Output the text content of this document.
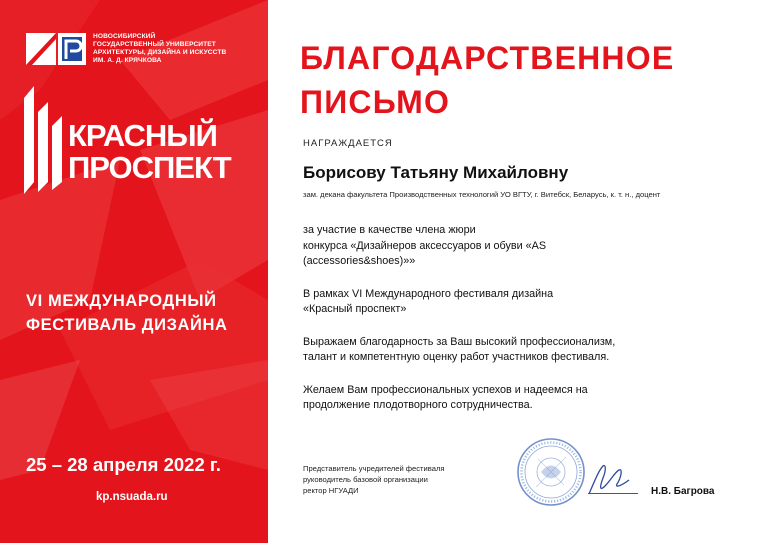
НОВОСИБИРСКИЙ
ГОСУДАРСТВЕННЫЙ УНИВЕРСИТЕТ
АРХИТЕКТУРЫ, ДИЗАЙНА И ИСКУССТВ
ИМ. А. Д. КРЯЧКОВА
КРАСНЫЙ
ПРОСПЕКТ
VI МЕЖДУНАРОДНЫЙ
ФЕСТИВАЛЬ ДИЗАЙНА
25 – 28 апреля 2022 г.
kp.nsuada.ru
БЛАГОДАРСТВЕННОЕ
ПИСЬМО
НАГРАЖДАЕТСЯ
Борисову Татьяну Михайловну
зам. декана факультета Производственных технологий УО ВГТУ, г. Витебск, Беларусь, к. т. н., доцент

за участие в качестве члена жюри
конкурса «Дизайнеров аксессуаров и обуви «AS
(accessories&shoes)»»

В рамках VI Международного фестиваля дизайна
«Красный проспект»

Выражаем благодарность за Ваш высокий профессионализм,
талант и компетентную оценку работ участников фестиваля.

Желаем Вам профессиональных успехов и надеемся на
продолжение плодотворного сотрудничества.

Представитель учредителей фестиваля
руководитель базовой организации
ректор НГУАДИ	Н.В. Багрова
